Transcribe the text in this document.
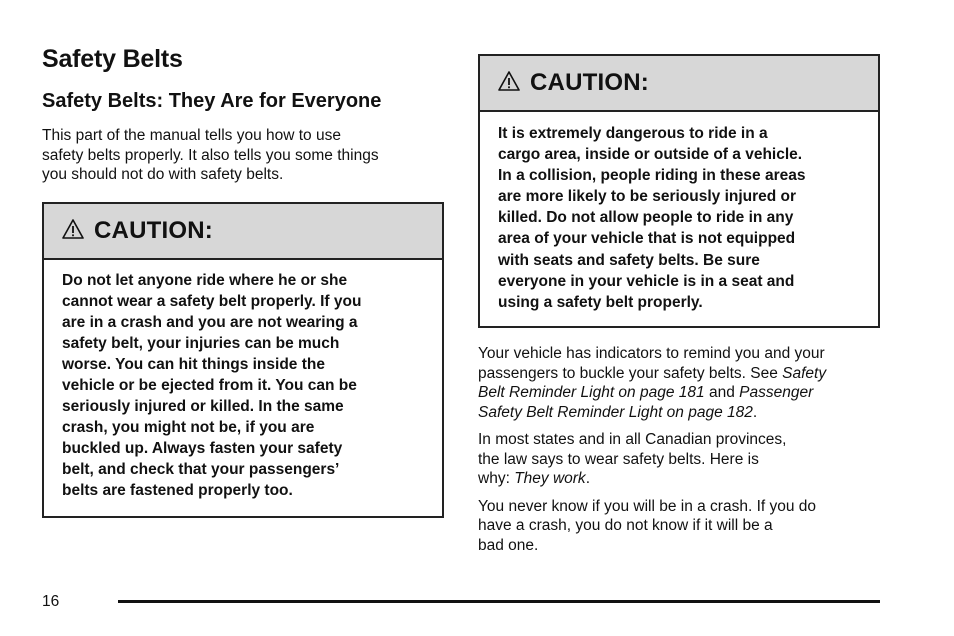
Safety Belts
Safety Belts: They Are for Everyone

This part of the manual tells you how to use
safety belts properly. It also tells you some things
you should not do with safety belts.

CAUTION:
Do not let anyone ride where he or she
cannot wear a safety belt properly. If you
are in a crash and you are not wearing a
safety belt, your injuries can be much
worse. You can hit things inside the
vehicle or be ejected from it. You can be
seriously injured or killed. In the same
crash, you might not be, if you are
buckled up. Always fasten your safety
belt, and check that your passengers’
belts are fastened properly too.
CAUTION:
It is extremely dangerous to ride in a
cargo area, inside or outside of a vehicle.
In a collision, people riding in these areas
are more likely to be seriously injured or
killed. Do not allow people to ride in any
area of your vehicle that is not equipped
with seats and safety belts. Be sure
everyone in your vehicle is in a seat and
using a safety belt properly.

Your vehicle has indicators to remind you and your
passengers to buckle your safety belts. See Safety
Belt Reminder Light on page 181 and Passenger
Safety Belt Reminder Light on page 182.

In most states and in all Canadian provinces,
the law says to wear safety belts. Here is
why: They work.

You never know if you will be in a crash. If you do
have a crash, you do not know if it will be a
bad one.

16
